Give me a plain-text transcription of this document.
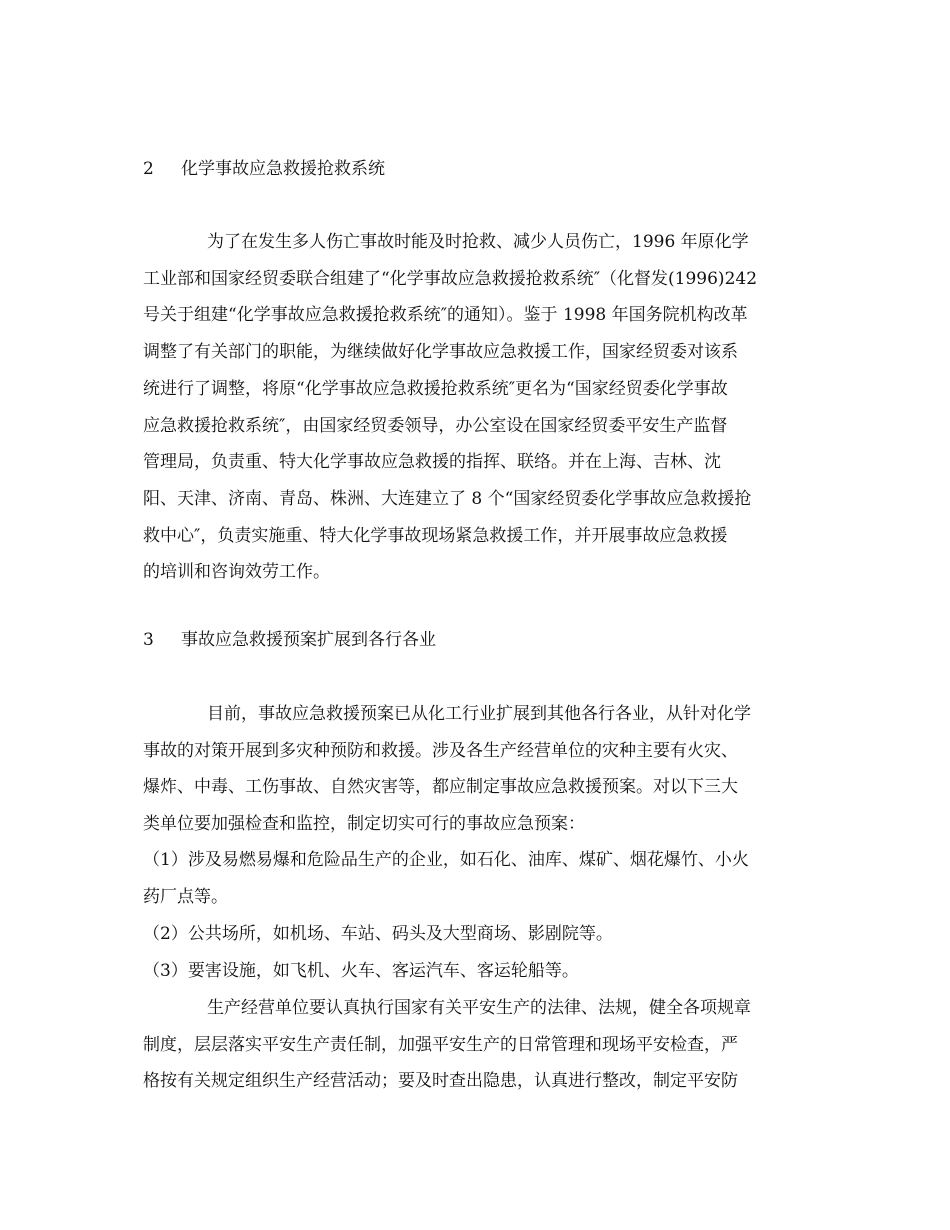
2 化学事故应急救援抢救系统
为了在发生多人伤亡事故时能及时抢救、减少人员伤亡，1996 年原化学
工业部和国家经贸委联合组建了“化学事故应急救援抢救系统″（化督发(1996)242
号关于组建“化学事故应急救援抢救系统″的通知）。鉴于 1998 年国务院机构改革
调整了有关部门的职能，为继续做好化学事故应急救援工作，国家经贸委对该系
统进行了调整，将原“化学事故应急救援抢救系统″更名为“国家经贸委化学事故
应急救援抢救系统″，由国家经贸委领导，办公室设在国家经贸委平安生产监督
管理局，负责重、特大化学事故应急救援的指挥、联络。并在上海、吉林、沈
阳、天津、济南、青岛、株洲、大连建立了 8 个“国家经贸委化学事故应急救援抢
救中心″，负责实施重、特大化学事故现场紧急救援工作，并开展事故应急救援
的培训和咨询效劳工作。
3 事故应急救援预案扩展到各行各业
目前，事故应急救援预案已从化工行业扩展到其他各行各业，从针对化学
事故的对策开展到多灾种预防和救援。涉及各生产经营单位的灾种主要有火灾、
爆炸、中毒、工伤事故、自然灾害等，都应制定事故应急救援预案。对以下三大
类单位要加强检查和监控，制定切实可行的事故应急预案：
（1）涉及易燃易爆和危险品生产的企业，如石化、油库、煤矿、烟花爆竹、小火
药厂点等。
（2）公共场所，如机场、车站、码头及大型商场、影剧院等。
（3）要害设施，如飞机、火车、客运汽车、客运轮船等。
生产经营单位要认真执行国家有关平安生产的法律、法规，健全各项规章
制度，层层落实平安生产责任制，加强平安生产的日常管理和现场平安检查，严
格按有关规定组织生产经营活动；要及时查出隐患，认真进行整改，制定平安防
